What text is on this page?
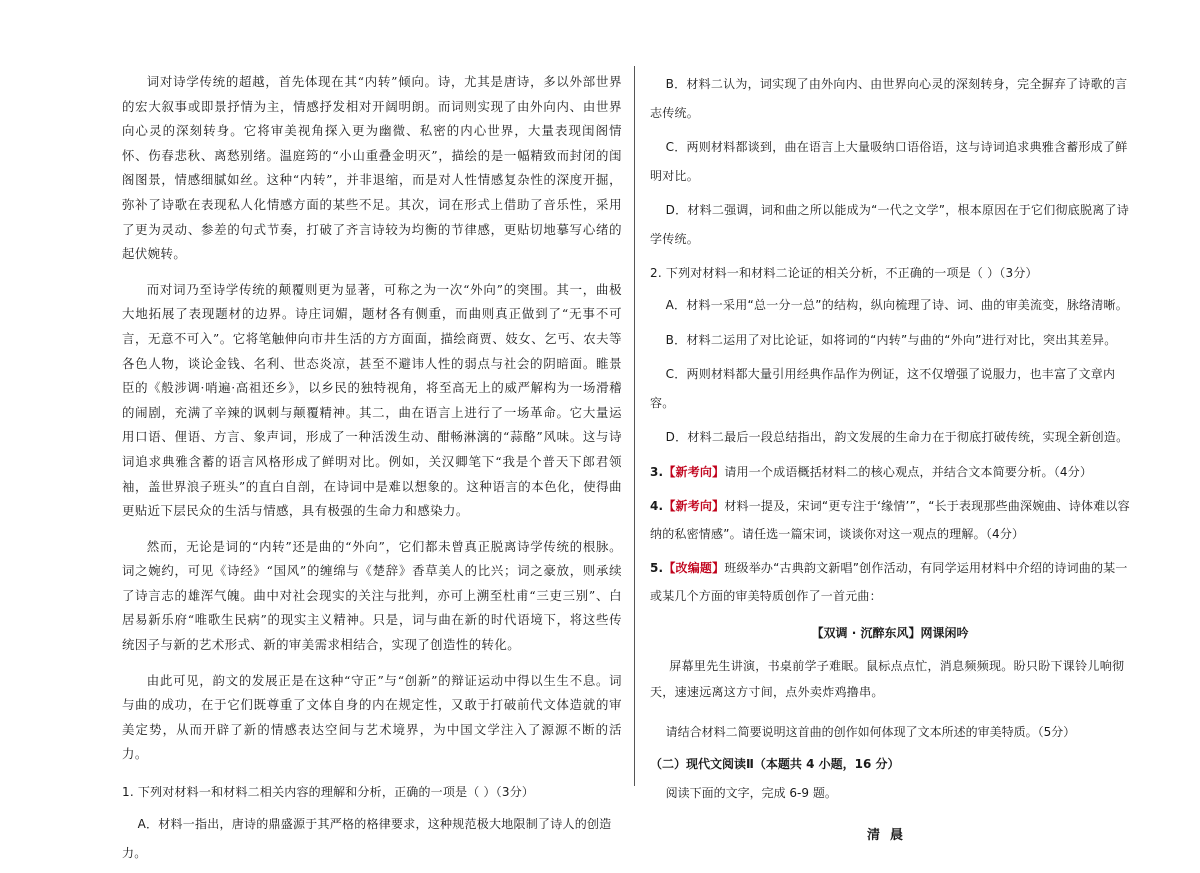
词对诗学传统的超越，首先体现在其“内转”倾向。诗，尤其是唐诗，多以外部世界的宏大叙事或即景抒情为主，情感抒发相对开阔明朗。而词则实现了由外向内、由世界向心灵的深刻转身。它将审美视角探入更为幽微、私密的内心世界，大量表现闺阁情怀、伤春悲秋、离愁别绪。温庭筠的“小山重叠金明灭”，描绘的是一幅精致而封闭的闺阁图景，情感细腻如丝。这种“内转”，并非退缩，而是对人性情感复杂性的深度开掘，弥补了诗歌在表现私人化情感方面的某些不足。其次，词在形式上借助了音乐性，采用了更为灵动、参差的句式节奏，打破了齐言诗较为均衡的节律感，更贴切地摹写心绪的起伏婉转。

而对词乃至诗学传统的颠覆则更为显著，可称之为一次“外向”的突围。其一，曲极大地拓展了表现题材的边界。诗庄词媚，题材各有侧重，而曲则真正做到了“无事不可言，无意不可入”。它将笔触伸向市井生活的方方面面，描绘商贾、妓女、乞丐、农夫等各色人物，谈论金钱、名利、世态炎凉，甚至不避讳人性的弱点与社会的阴暗面。睢景臣的《般涉调·哨遍·高祖还乡》，以乡民的独特视角，将至高无上的威严解构为一场滑稽的闹剧，充满了辛辣的讽刺与颠覆精神。其二，曲在语言上进行了一场革命。它大量运用口语、俚语、方言、象声词，形成了一种活泼生动、酣畅淋漓的“蒜酪”风味。这与诗词追求典雅含蓄的语言风格形成了鲜明对比。例如，关汉卿笔下“我是个普天下郎君领袖，盖世界浪子班头”的直白自剖，在诗词中是难以想象的。这种语言的本色化，使得曲更贴近下层民众的生活与情感，具有极强的生命力和感染力。

然而，无论是词的“内转”还是曲的“外向”，它们都未曾真正脱离诗学传统的根脉。词之婉约，可见《诗经》“国风”的缠绵与《楚辞》香草美人的比兴；词之豪放，则承续了诗言志的雄浑气魄。曲中对社会现实的关注与批判，亦可上溯至杜甫“三吏三别”、白居易新乐府“唯歌生民病”的现实主义精神。只是，词与曲在新的时代语境下，将这些传统因子与新的艺术形式、新的审美需求相结合，实现了创造性的转化。

由此可见，韵文的发展正是在这种“守正”与“创新”的辩证运动中得以生生不息。词与曲的成功，在于它们既尊重了文体自身的内在规定性，又敢于打破前代文体造就的审美定势，从而开辟了新的情感表达空间与艺术境界，为中国文学注入了源源不断的活力。

1. 下列对材料一和材料二相关内容的理解和分析，正确的一项是（ ）（3分）

A．材料一指出，唐诗的鼎盛源于其严格的格律要求，这种规范极大地限制了诗人的创造力。

B．材料二认为，词实现了由外向内、由世界向心灵的深刻转身，完全摒弃了诗歌的言志传统。

C．两则材料都谈到，曲在语言上大量吸纳口语俗语，这与诗词追求典雅含蓄形成了鲜明对比。

D．材料二强调，词和曲之所以能成为“一代之文学”，根本原因在于它们彻底脱离了诗学传统。

2. 下列对材料一和材料二论证的相关分析，不正确的一项是（ ）（3分）

A．材料一采用“总一分一总”的结构，纵向梳理了诗、词、曲的审美流变，脉络清晰。

B．材料二运用了对比论证，如将词的“内转”与曲的“外向”进行对比，突出其差异。

C．两则材料都大量引用经典作品作为例证，这不仅增强了说服力，也丰富了文章内容。

D．材料二最后一段总结指出，韵文发展的生命力在于彻底打破传统，实现全新创造。

3.【新考向】请用一个成语概括材料二的核心观点，并结合文本简要分析。（4分）

4.【新考向】材料一提及，宋词“更专注于‘缘情’”，“长于表现那些曲深婉曲、诗体难以容纳的私密情感”。请任选一篇宋词，谈谈你对这一观点的理解。（4分）

5.【改编题】班级举办“古典韵文新唱”创作活动，有同学运用材料中介绍的诗词曲的某一或某几个方面的审美特质创作了一首元曲：

【双调 · 沉醉东风】网课闲吟

屏幕里先生讲演，书桌前学子难眠。鼠标点点忙，消息频频现。盼只盼下课铃儿响彻天，速速远离这方寸间，点外卖炸鸡撸串。

请结合材料二简要说明这首曲的创作如何体现了文本所述的审美特质。（5分）

（二）现代文阅读Ⅱ（本题共 4 小题，16 分）

阅读下面的文字，完成 6-9 题。

清晨
